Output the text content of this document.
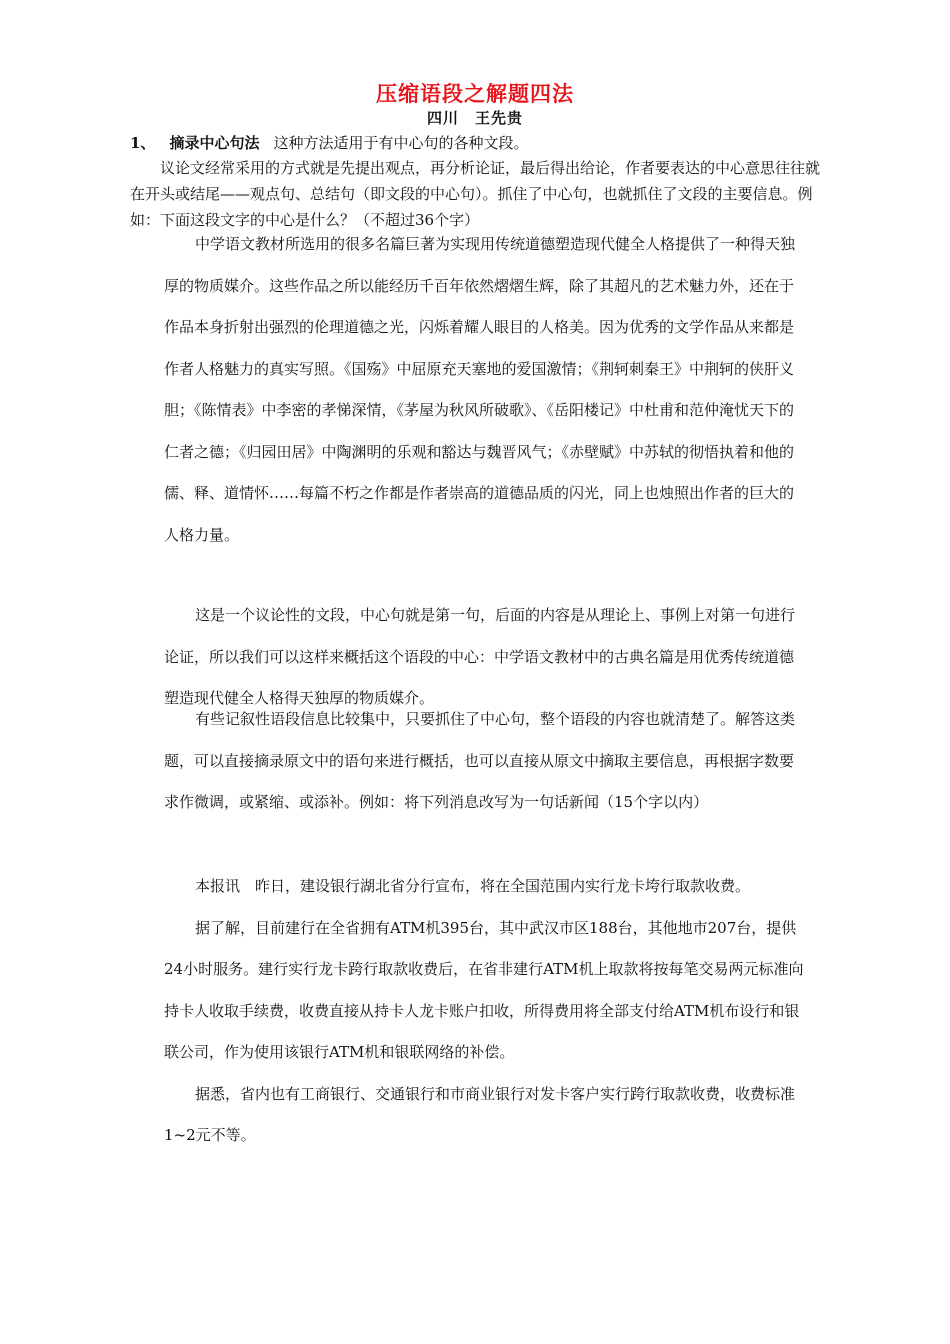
压缩语段之解题四法
四川　王先贵
1、 摘录中心句法 这种方法适用于有中心句的各种文段。

议论文经常采用的方式就是先提出观点，再分析论证，最后得出给论，作者要表达的中心意思往往就在开头或结尾——观点句、总结句（即文段的中心句）。抓住了中心句，也就抓住了文段的主要信息。例如：下面这段文字的中心是什么？（不超过36个字）

中学语文教材所选用的很多名篇巨著为实现用传统道德塑造现代健全人格提供了一种得天独厚的物质媒介。这些作品之所以能经历千百年依然熠熠生辉，除了其超凡的艺术魅力外，还在于作品本身折射出强烈的伦理道德之光，闪烁着耀人眼目的人格美。因为优秀的文学作品从来都是作者人格魅力的真实写照。《国殇》中屈原充天塞地的爱国激情；《荆轲刺秦王》中荆轲的侠肝义胆；《陈情表》中李密的孝悌深情，《茅屋为秋风所破歌》、《岳阳楼记》中杜甫和范仲淹忧天下的仁者之德；《归园田居》中陶渊明的乐观和豁达与魏晋风气；《赤壁赋》中苏轼的彻悟执着和他的儒、释、道情怀……每篇不朽之作都是作者崇高的道德品质的闪光，同上也烛照出作者的巨大的人格力量。

这是一个议论性的文段，中心句就是第一句，后面的内容是从理论上、事例上对第一句进行论证，所以我们可以这样来概括这个语段的中心：中学语文教材中的古典名篇是用优秀传统道德塑造现代健全人格得天独厚的物质媒介。

有些记叙性语段信息比较集中，只要抓住了中心句，整个语段的内容也就清楚了。解答这类题，可以直接摘录原文中的语句来进行概括，也可以直接从原文中摘取主要信息，再根据字数要求作微调，或紧缩、或添补。例如：将下列消息改写为一句话新闻（15个字以内）

本报讯　昨日，建设银行湖北省分行宣布，将在全国范围内实行龙卡垮行取款收费。

据了解，目前建行在全省拥有ATM机395台，其中武汉市区188台，其他地市207台，提供24小时服务。建行实行龙卡跨行取款收费后，在省非建行ATM机上取款将按每笔交易两元标准向持卡人收取手续费，收费直接从持卡人龙卡账户扣收，所得费用将全部支付给ATM机布设行和银联公司，作为使用该银行ATM机和银联网络的补偿。

据悉，省内也有工商银行、交通银行和市商业银行对发卡客户实行跨行取款收费，收费标准1~2元不等。
